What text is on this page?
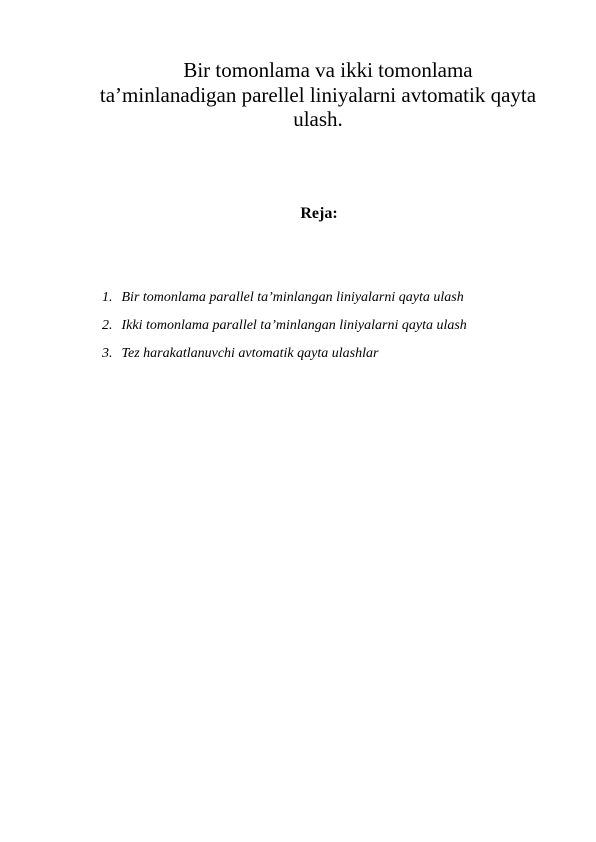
Bir tomonlama va ikki tomonlama
ta’minlanadigan parellel liniyalarni avtomatik qayta
ulash.
Reja:
1. Bir tomonlama parallel ta’minlangan liniyalarni qayta ulash
2. Ikki tomonlama parallel ta’minlangan liniyalarni qayta ulash
3. Tez harakatlanuvchi avtomatik qayta ulashlar
